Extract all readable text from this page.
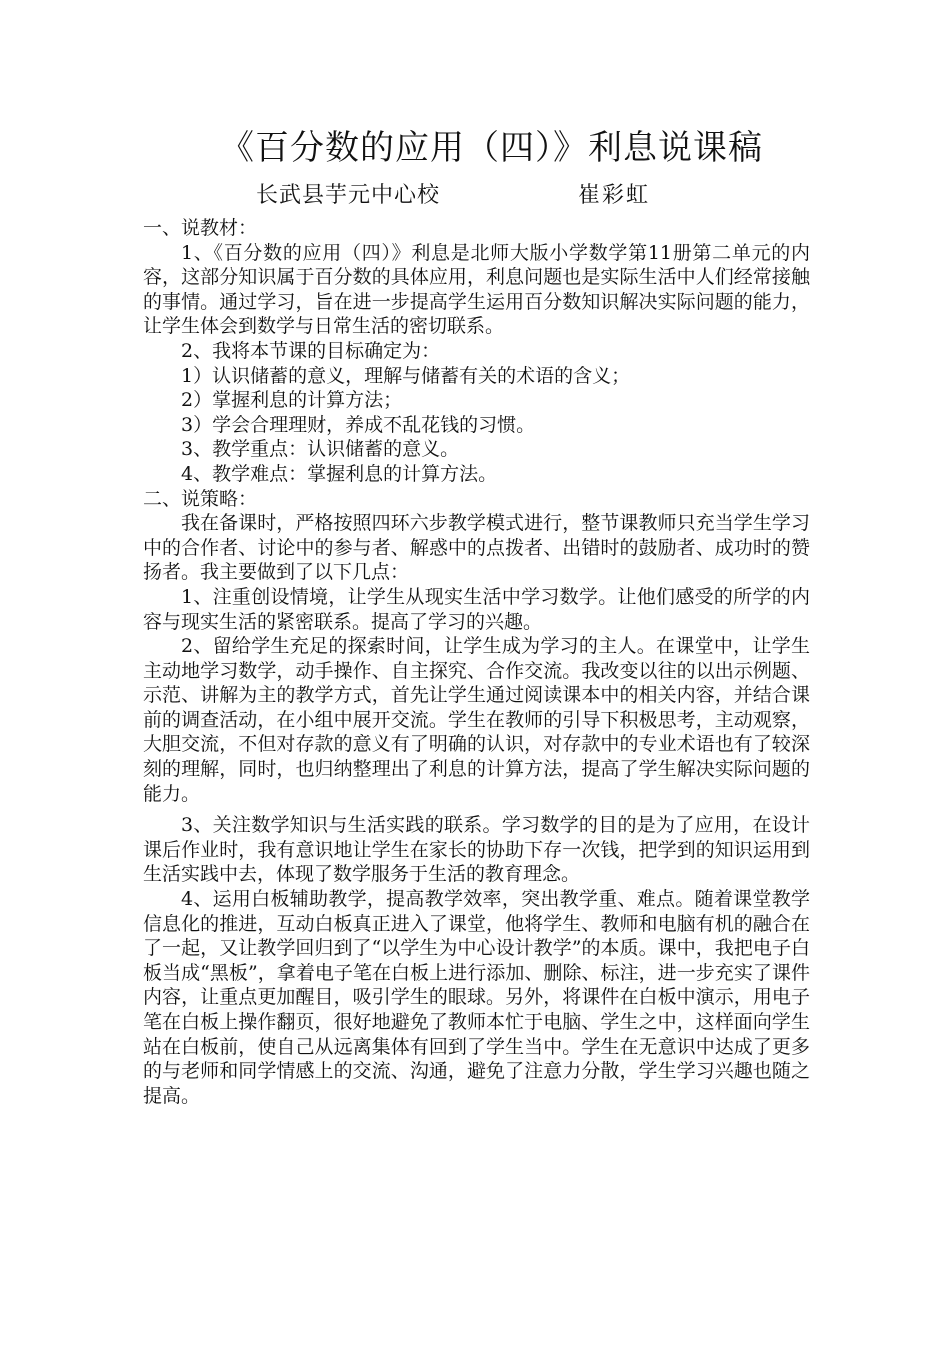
《百分数的应用（四）》利息说课稿
长武县芋元中心校	崔彩虹

一、说教材：

1、《百分数的应用（四）》利息是北师大版小学数学第11册第二单元的内容，这部分知识属于百分数的具体应用，利息问题也是实际生活中人们经常接触的事情。通过学习，旨在进一步提高学生运用百分数知识解决实际问题的能力，让学生体会到数学与日常生活的密切联系。

2、我将本节课的目标确定为：

1）认识储蓄的意义，理解与储蓄有关的术语的含义；

2）掌握利息的计算方法；

3）学会合理理财，养成不乱花钱的习惯。

3、教学重点：认识储蓄的意义。

4、教学难点：掌握利息的计算方法。

二、说策略：

我在备课时，严格按照四环六步教学模式进行，整节课教师只充当学生学习中的合作者、讨论中的参与者、解惑中的点拨者、出错时的鼓励者、成功时的赞扬者。我主要做到了以下几点：

1、注重创设情境，让学生从现实生活中学习数学。让他们感受的所学的内容与现实生活的紧密联系。提高了学习的兴趣。

2、留给学生充足的探索时间，让学生成为学习的主人。在课堂中，让学生主动地学习数学，动手操作、自主探究、合作交流。我改变以往的以出示例题、示范、讲解为主的教学方式，首先让学生通过阅读课本中的相关内容，并结合课前的调查活动，在小组中展开交流。学生在教师的引导下积极思考，主动观察，大胆交流，不但对存款的意义有了明确的认识，对存款中的专业术语也有了较深刻的理解，同时，也归纳整理出了利息的计算方法，提高了学生解决实际问题的能力。

3、关注数学知识与生活实践的联系。学习数学的目的是为了应用，在设计课后作业时，我有意识地让学生在家长的协助下存一次钱，把学到的知识运用到生活实践中去，体现了数学服务于生活的教育理念。

4、运用白板辅助教学，提高教学效率，突出教学重、难点。随着课堂教学信息化的推进，互动白板真正进入了课堂，他将学生、教师和电脑有机的融合在了一起，又让教学回归到了“以学生为中心设计教学”的本质。课中，我把电子白板当成“黑板”，拿着电子笔在白板上进行添加、删除、标注，进一步充实了课件内容，让重点更加醒目，吸引学生的眼球。另外，将课件在白板中演示，用电子笔在白板上操作翻页，很好地避免了教师本忙于电脑、学生之中，这样面向学生站在白板前，使自己从远离集体有回到了学生当中。学生在无意识中达成了更多的与老师和同学情感上的交流、沟通，避免了注意力分散，学生学习兴趣也随之提高。
